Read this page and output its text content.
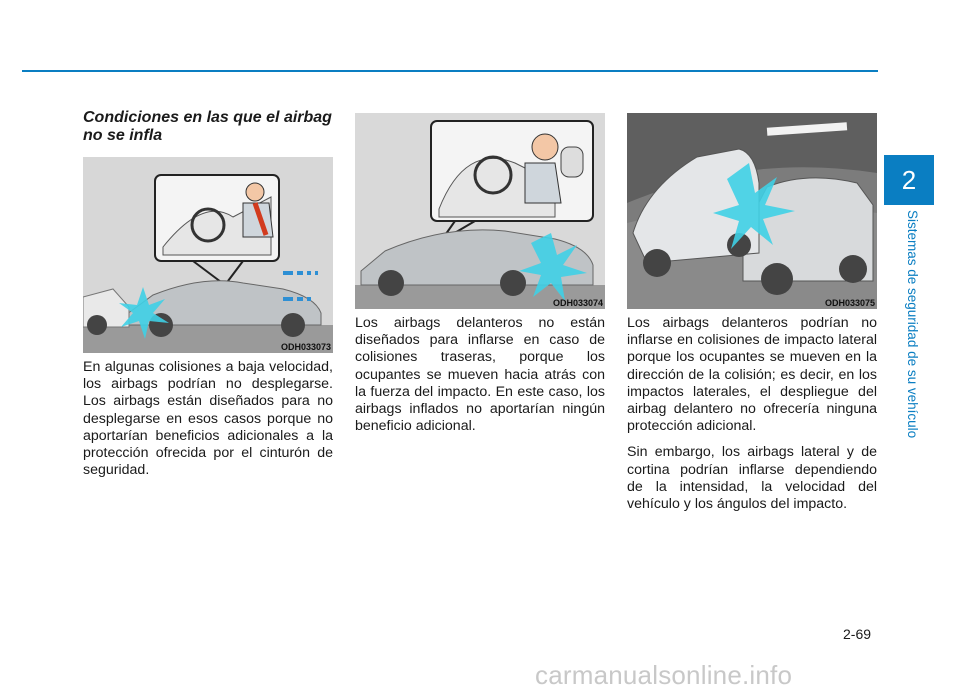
2
Sistemas de seguridad de su vehículo
Condiciones en las que el airbag no se infla
ODH033073
ODH033074	ODH033075

En algunas colisiones a baja velocidad, los airbags podrían no desplegarse. Los airbags están diseñados para no desplegarse en esos casos porque no aportarían beneficios adicionales a la protección ofrecida por el cinturón de seguridad.

Los airbags delanteros no están diseñados para inflarse en caso de colisiones traseras, porque los ocupantes se mueven hacia atrás con la fuerza del impacto. En este caso, los airbags inflados no aportarían ningún beneficio adicional.

Los airbags delanteros podrían no inflarse en colisiones de impacto lateral porque los ocupantes se mueven en la dirección de la colisión; es decir, en los impactos laterales, el despliegue del airbag delantero no ofrecería ninguna protección adicional.

Sin embargo, los airbags lateral y de cortina podrían inflarse dependiendo de la intensidad, la velocidad del vehículo y los ángulos del impacto.

2-69
carmanualsonline.info
